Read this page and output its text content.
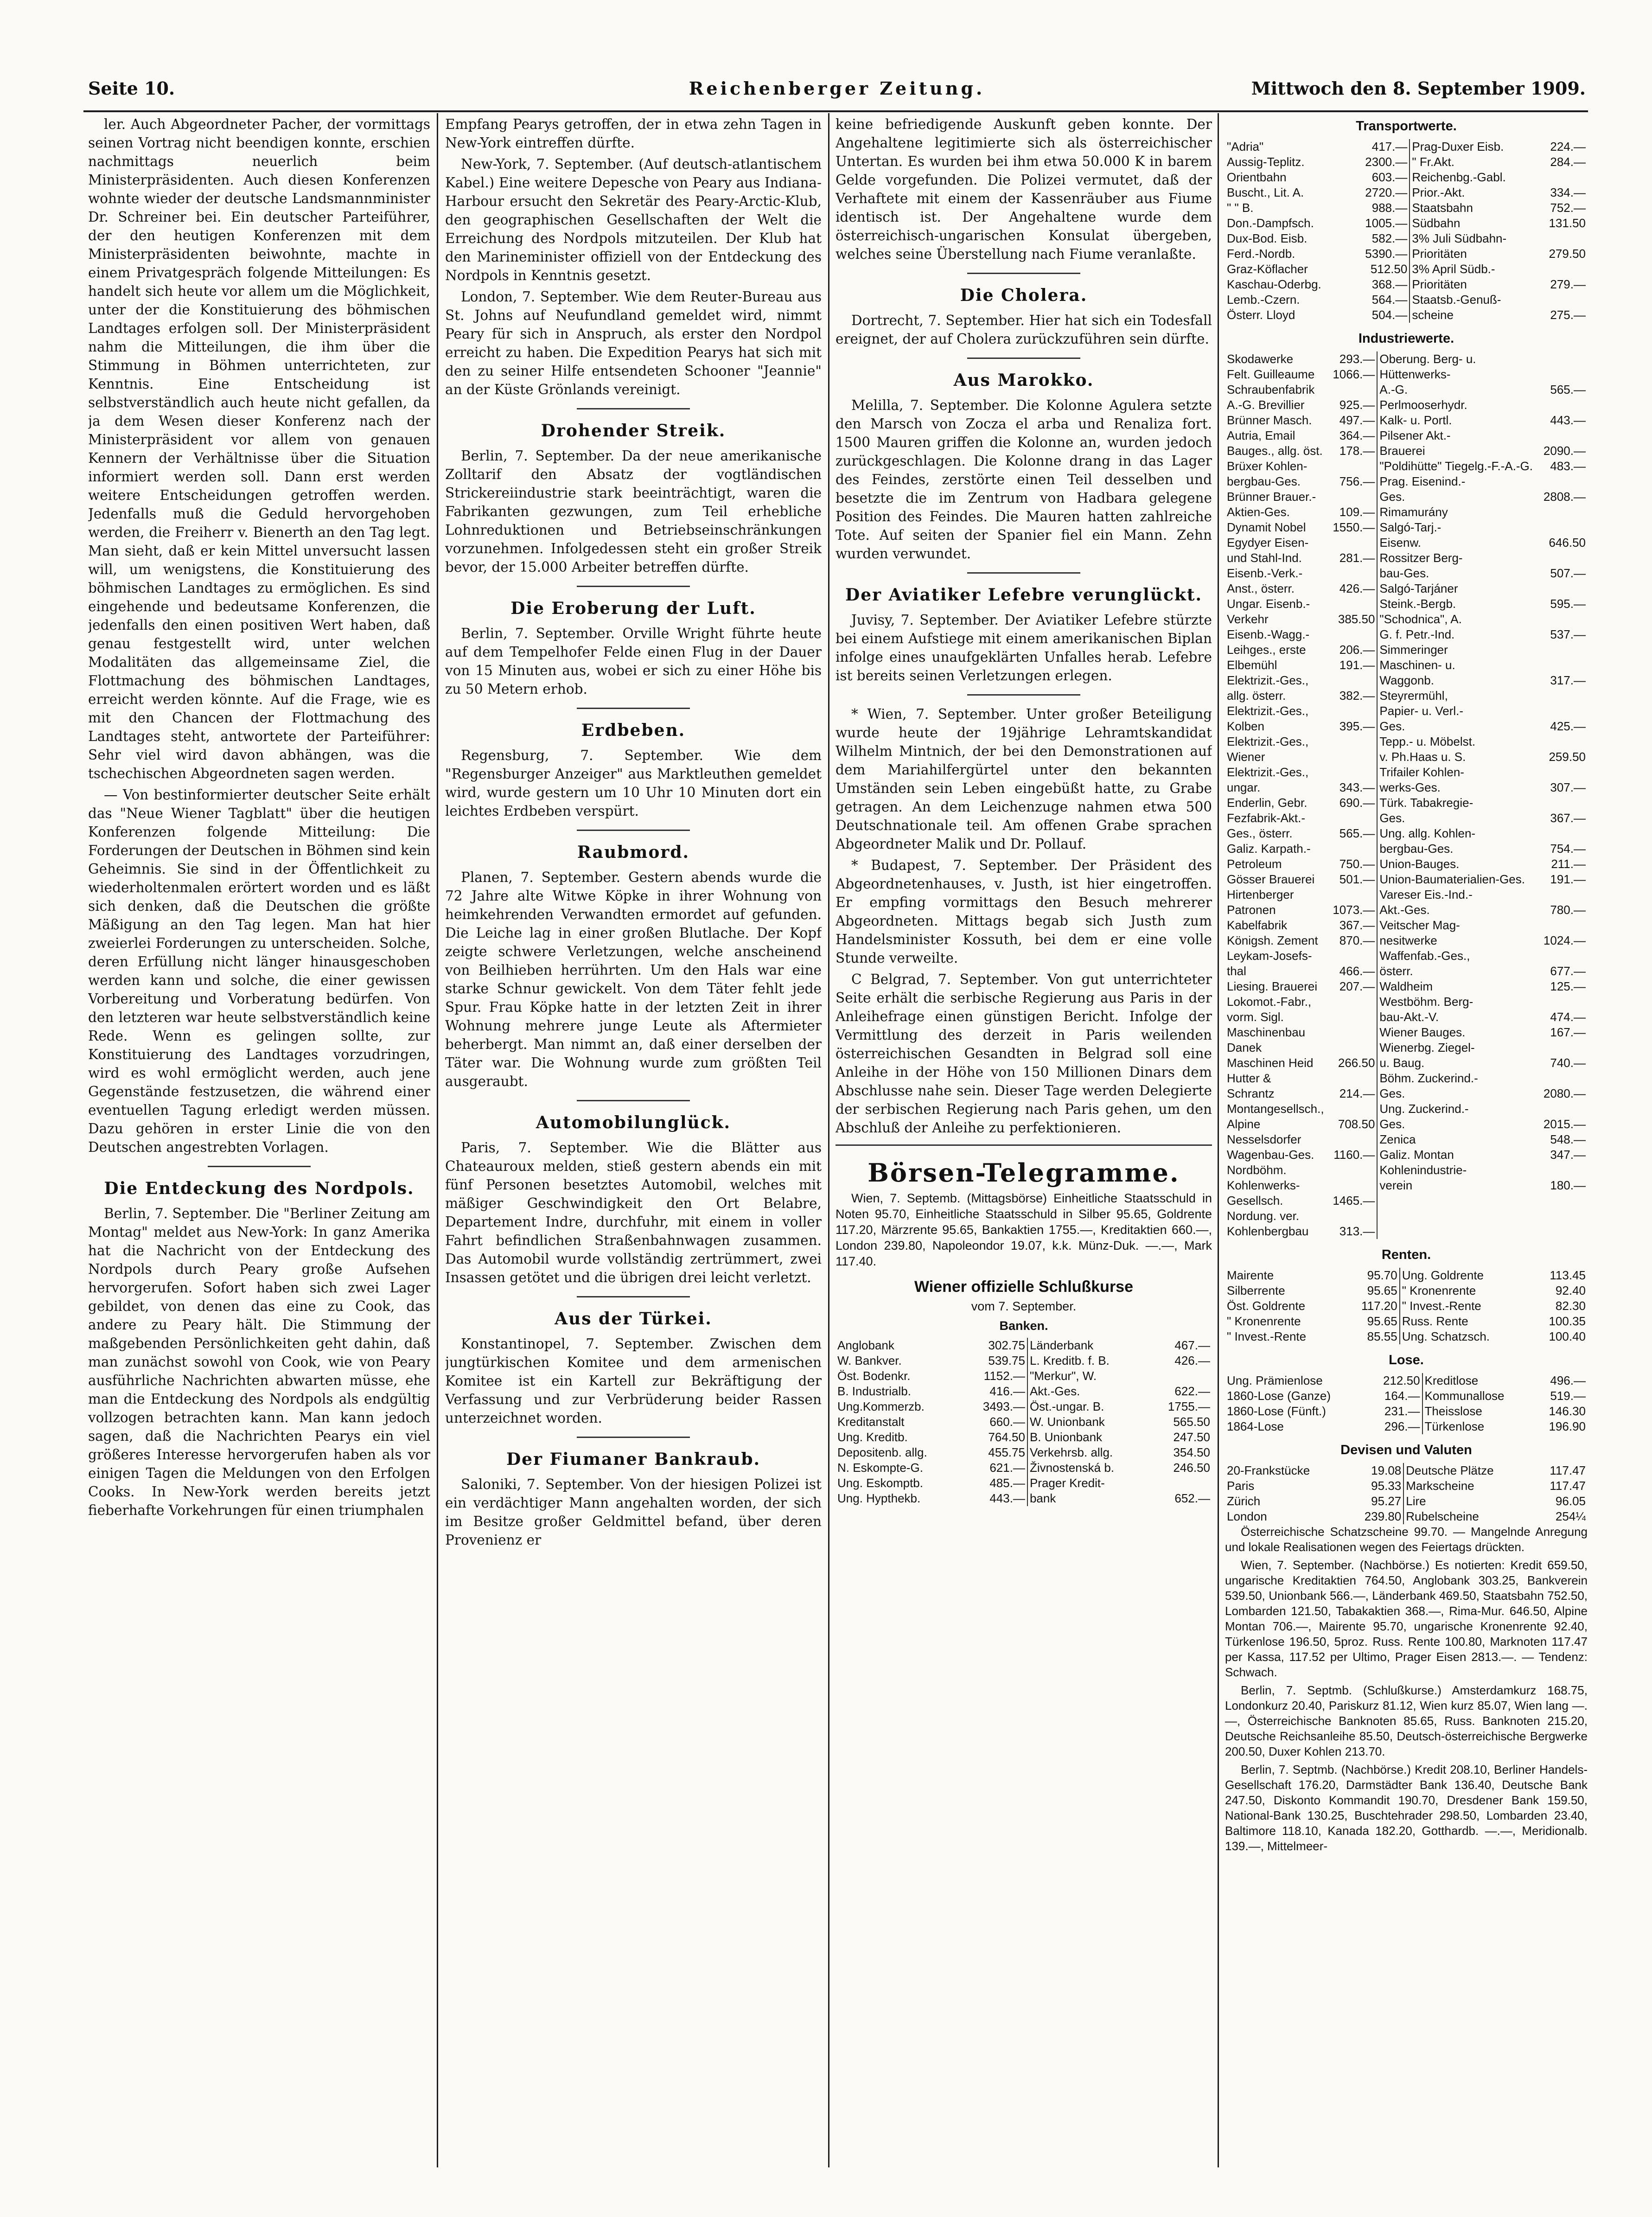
Seite 10.	Reichenberger Zeitung.	Mittwoch den 8. September 1909.

ler. Auch Abgeordneter Pacher, der vormittags seinen Vortrag nicht beendigen konnte, erschien nachmittags neuerlich beim Ministerpräsidenten. Auch diesen Konferenzen wohnte wieder der deutsche Landsmannminister Dr. Schreiner bei. Ein deutscher Parteiführer, der den heutigen Konferenzen mit dem Ministerpräsidenten beiwohnte, machte in einem Privatgespräch folgende Mitteilungen: Es handelt sich heute vor allem um die Möglichkeit, unter der die Konstituierung des böhmischen Landtages erfolgen soll. Der Ministerpräsident nahm die Mitteilungen, die ihm über die Stimmung in Böhmen unterrichteten, zur Kenntnis. Eine Entscheidung ist selbstverständlich auch heute nicht gefallen, da ja dem Wesen dieser Konferenz nach der Ministerpräsident vor allem von genauen Kennern der Verhältnisse über die Situation informiert werden soll. Dann erst werden weitere Entscheidungen getroffen werden. Jedenfalls muß die Geduld hervorgehoben werden, die Freiherr v. Bienerth an den Tag legt. Man sieht, daß er kein Mittel unversucht lassen will, um wenigstens, die Konstituierung des böhmischen Landtages zu ermöglichen. Es sind eingehende und bedeutsame Konferenzen, die jedenfalls den einen positiven Wert haben, daß genau festgestellt wird, unter welchen Modalitäten das allgemeinsame Ziel, die Flottmachung des böhmischen Landtages, erreicht werden könnte. Auf die Frage, wie es mit den Chancen der Flottmachung des Landtages steht, antwortete der Parteiführer: Sehr viel wird davon abhängen, was die tschechischen Abgeordneten sagen werden.

— Von bestinformierter deutscher Seite erhält das "Neue Wiener Tagblatt" über die heutigen Konferenzen folgende Mitteilung: Die Forderungen der Deutschen in Böhmen sind kein Geheimnis. Sie sind in der Öffentlichkeit zu wiederholtenmalen erörtert worden und es läßt sich denken, daß die Deutschen die größte Mäßigung an den Tag legen. Man hat hier zweierlei Forderungen zu unterscheiden. Solche, deren Erfüllung nicht länger hinausgeschoben werden kann und solche, die einer gewissen Vorbereitung und Vorberatung bedürfen. Von den letzteren war heute selbstverständlich keine Rede. Wenn es gelingen sollte, zur Konstituierung des Landtages vorzudringen, wird es wohl ermöglicht werden, auch jene Gegenstände festzusetzen, die während einer eventuellen Tagung erledigt werden müssen. Dazu gehören in erster Linie die von den Deutschen angestrebten Vorlagen.

Die Entdeckung des Nordpols.

Berlin, 7. September. Die "Berliner Zeitung am Montag" meldet aus New-York: In ganz Amerika hat die Nachricht von der Entdeckung des Nordpols durch Peary große Aufsehen hervorgerufen. Sofort haben sich zwei Lager gebildet, von denen das eine zu Cook, das andere zu Peary hält. Die Stimmung der maßgebenden Persönlichkeiten geht dahin, daß man zunächst sowohl von Cook, wie von Peary ausführliche Nachrichten abwarten müsse, ehe man die Entdeckung des Nordpols als endgültig vollzogen betrachten kann. Man kann jedoch sagen, daß die Nachrichten Pearys ein viel größeres Interesse hervorgerufen haben als vor einigen Tagen die Meldungen von den Erfolgen Cooks. In New-York werden bereits jetzt fieberhafte Vorkehrungen für einen triumphalen

Empfang Pearys getroffen, der in etwa zehn Tagen in New-York eintreffen dürfte.

New-York, 7. September. (Auf deutsch-atlantischem Kabel.) Eine weitere Depesche von Peary aus Indiana-Harbour ersucht den Sekretär des Peary-Arctic-Klub, den geographischen Gesellschaften der Welt die Erreichung des Nordpols mitzuteilen. Der Klub hat den Marineminister offiziell von der Entdeckung des Nordpols in Kenntnis gesetzt.

London, 7. September. Wie dem Reuter-Bureau aus St. Johns auf Neufundland gemeldet wird, nimmt Peary für sich in Anspruch, als erster den Nordpol erreicht zu haben. Die Expedition Pearys hat sich mit den zu seiner Hilfe entsendeten Schooner "Jeannie" an der Küste Grönlands vereinigt.

Drohender Streik.

Berlin, 7. September. Da der neue amerikanische Zolltarif den Absatz der vogtländischen Strickereiindustrie stark beeinträchtigt, waren die Fabrikanten gezwungen, zum Teil erhebliche Lohnreduktionen und Betriebseinschränkungen vorzunehmen. Infolgedessen steht ein großer Streik bevor, der 15.000 Arbeiter betreffen dürfte.

Die Eroberung der Luft.

Berlin, 7. September. Orville Wright führte heute auf dem Tempelhofer Felde einen Flug in der Dauer von 15 Minuten aus, wobei er sich zu einer Höhe bis zu 50 Metern erhob.

Erdbeben.

Regensburg, 7. September. Wie dem "Regensburger Anzeiger" aus Marktleuthen gemeldet wird, wurde gestern um 10 Uhr 10 Minuten dort ein leichtes Erdbeben verspürt.

Raubmord.

Planen, 7. September. Gestern abends wurde die 72 Jahre alte Witwe Köpke in ihrer Wohnung von heimkehrenden Verwandten ermordet auf gefunden. Die Leiche lag in einer großen Blutlache. Der Kopf zeigte schwere Verletzungen, welche anscheinend von Beilhieben herrührten. Um den Hals war eine starke Schnur gewickelt. Von dem Täter fehlt jede Spur. Frau Köpke hatte in der letzten Zeit in ihrer Wohnung mehrere junge Leute als Aftermieter beherbergt. Man nimmt an, daß einer derselben der Täter war. Die Wohnung wurde zum größten Teil ausgeraubt.

Automobilunglück.

Paris, 7. September. Wie die Blätter aus Chateauroux melden, stieß gestern abends ein mit fünf Personen besetztes Automobil, welches mit mäßiger Geschwindigkeit den Ort Belabre, Departement Indre, durchfuhr, mit einem in voller Fahrt befindlichen Straßenbahnwagen zusammen. Das Automobil wurde vollständig zertrümmert, zwei Insassen getötet und die übrigen drei leicht verletzt.

Aus der Türkei.

Konstantinopel, 7. September. Zwischen dem jungtürkischen Komitee und dem armenischen Komitee ist ein Kartell zur Bekräftigung der Verfassung und zur Verbrüderung beider Rassen unterzeichnet worden.

Der Fiumaner Bankraub.

Saloniki, 7. September. Von der hiesigen Polizei ist ein verdächtiger Mann angehalten worden, der sich im Besitze großer Geldmittel befand, über deren Provenienz er

keine befriedigende Auskunft geben konnte. Der Angehaltene legitimierte sich als österreichischer Untertan. Es wurden bei ihm etwa 50.000 K in barem Gelde vorgefunden. Die Polizei vermutet, daß der Verhaftete mit einem der Kassenräuber aus Fiume identisch ist. Der Angehaltene wurde dem österreichisch-ungarischen Konsulat übergeben, welches seine Überstellung nach Fiume veranlaßte.

Die Cholera.

Dortrecht, 7. September. Hier hat sich ein Todesfall ereignet, der auf Cholera zurückzuführen sein dürfte.

Aus Marokko.

Melilla, 7. September. Die Kolonne Agulera setzte den Marsch von Zocza el arba und Renaliza fort. 1500 Mauren griffen die Kolonne an, wurden jedoch zurückgeschlagen. Die Kolonne drang in das Lager des Feindes, zerstörte einen Teil desselben und besetzte die im Zentrum von Hadbara gelegene Position des Feindes. Die Mauren hatten zahlreiche Tote. Auf seiten der Spanier fiel ein Mann. Zehn wurden verwundet.

Der Aviatiker Lefebre verunglückt.

Juvisy, 7. September. Der Aviatiker Lefebre stürzte bei einem Aufstiege mit einem amerikanischen Biplan infolge eines unaufgeklärten Unfalles herab. Lefebre ist bereits seinen Verletzungen erlegen.

* Wien, 7. September. Unter großer Beteiligung wurde heute der 19jährige Lehramtskandidat Wilhelm Mintnich, der bei den Demonstrationen auf dem Mariahilfergürtel unter den bekannten Umständen sein Leben eingebüßt hatte, zu Grabe getragen. An dem Leichenzuge nahmen etwa 500 Deutschnationale teil. Am offenen Grabe sprachen Abgeordneter Malik und Dr. Pollauf.

* Budapest, 7. September. Der Präsident des Abgeordnetenhauses, v. Justh, ist hier eingetroffen. Er empfing vormittags den Besuch mehrerer Abgeordneten. Mittags begab sich Justh zum Handelsminister Kossuth, bei dem er eine volle Stunde verweilte.

C Belgrad, 7. September. Von gut unterrichteter Seite erhält die serbische Regierung aus Paris in der Anleihefrage einen günstigen Bericht. Infolge der Vermittlung des derzeit in Paris weilenden österreichischen Gesandten in Belgrad soll eine Anleihe in der Höhe von 150 Millionen Dinars dem Abschlusse nahe sein. Dieser Tage werden Delegierte der serbischen Regierung nach Paris gehen, um den Abschluß der Anleihe zu perfektionieren.

Börsen-Telegramme.

Wien, 7. Septemb. (Mittagsbörse) Einheitliche Staatsschuld in Noten 95.70, Einheitliche Staatsschuld in Silber 95.65, Goldrente 117.20, Märzrente 95.65, Bankaktien 1755.—, Kreditaktien 660.—, London 239.80, Napoleondor 19.07, k.k. Münz-Duk. —.—, Mark 117.40.

Wiener offizielle Schlußkurse
vom 7. September.
Banken.
Anglobank	302.75	Länderbank	467.—
W. Bankver.	539.75	L. Kreditb. f. B.	426.—
Öst. Bodenkr.	1152.—	"Merkur", W.	
B. Industrialb.	416.—	Akt.-Ges.	622.—
Ung.Kommerzb.	3493.—	Öst.-ungar. B.	1755.—
Kreditanstalt	660.—	W. Unionbank	565.50
Ung. Kreditb.	764.50	B. Unionbank	247.50
Depositenb. allg.	455.75	Verkehrsb. allg.	354.50
N. Eskompte-G.	621.—	Živnostenská b.	246.50
Ung. Eskomptb.	485.—	Prager Kredit-	
Ung. Hypthekb.	443.—	bank	652.—
Transportwerte.
"Adria"	417.—	Prag-Duxer Eisb.	224.—
Aussig-Teplitz.	2300.—	" Fr.Akt.	284.—
Orientbahn	603.—	Reichenbg.-Gabl.	
Buscht., Lit. A.	2720.—	Prior.-Akt.	334.—
" " B.	988.—	Staatsbahn	752.—
Don.-Dampfsch.	1005.—	Südbahn	131.50
Dux-Bod. Eisb.	582.—	3% Juli Südbahn-	
Ferd.-Nordb.	5390.—	Prioritäten	279.50
Graz-Köflacher	512.50	3% April Südb.-	
Kaschau-Oderbg.	368.—	Prioritäten	279.—
Lemb.-Czern.	564.—	Staatsb.-Genuß-	
Österr. Lloyd	504.—	scheine	275.—
Industriewerte.
Skodawerke	293.—	Oberung. Berg- u.	
Felt. Guilleaume	1066.—	Hüttenwerks-	
Schraubenfabrik		A.-G.	565.—
A.-G. Brevillier	925.—	Perlmooserhydr.	
Brünner Masch.	497.—	Kalk- u. Portl.	443.—
Autria, Email	364.—	Pilsener Akt.-	
Bauges., allg. öst.	178.—	Brauerei	2090.—
Brüxer Kohlen-		"Poldihütte" Tiegelg.-F.-A.-G.	483.—
bergbau-Ges.	756.—	Prag. Eisenind.-	
Brünner Brauer.-		Ges.	2808.—
Aktien-Ges.	109.—	Rimamurány	
Dynamit Nobel	1550.—	Salgó-Tarj.-	
Egydyer Eisen-		Eisenw.	646.50
und Stahl-Ind.	281.—	Rossitzer Berg-	
Eisenb.-Verk.-		bau-Ges.	507.—
Anst., österr.	426.—	Salgó-Tarjáner	
Ungar. Eisenb.-		Steink.-Bergb.	595.—
Verkehr	385.50	"Schodnica", A.	
Eisenb.-Wagg.-		G. f. Petr.-Ind.	537.—
Leihges., erste	206.—	Simmeringer	
Elbemühl	191.—	Maschinen- u.	
Elektrizit.-Ges.,		Waggonb.	317.—
allg. österr.	382.—	Steyrermühl,	
Elektrizit.-Ges.,		Papier- u. Verl.-	
Kolben	395.—	Ges.	425.—
Elektrizit.-Ges.,		Tepp.- u. Möbelst.	
Wiener		v. Ph.Haas u. S.	259.50
Elektrizit.-Ges.,		Trifailer Kohlen-	
ungar.	343.—	werks-Ges.	307.—
Enderlin, Gebr.	690.—	Türk. Tabakregie-	
Fezfabrik-Akt.-		Ges.	367.—
Ges., österr.	565.—	Ung. allg. Kohlen-	
Galiz. Karpath.-		bergbau-Ges.	754.—
Petroleum	750.—	Union-Bauges.	211.—
Gösser Brauerei	501.—	Union-Baumaterialien-Ges.	191.—
Hirtenberger		Vareser Eis.-Ind.-	
Patronen	1073.—	Akt.-Ges.	780.—
Kabelfabrik	367.—	Veitscher Mag-	
Königsh. Zement	870.—	nesitwerke	1024.—
Leykam-Josefs-		Waffenfab.-Ges.,	
thal	466.—	österr.	677.—
Liesing. Brauerei	207.—	Waldheim	125.—
Lokomot.-Fabr.,		Westböhm. Berg-	
vorm. Sigl.		bau-Akt.-V.	474.—
Maschinenbau		Wiener Bauges.	167.—
Danek		Wienerbg. Ziegel-	
Maschinen Heid	266.50	u. Baug.	740.—
Hutter &		Böhm. Zuckerind.-	
Schrantz	214.—	Ges.	2080.—
Montangesellsch.,		Ung. Zuckerind.-	
Alpine	708.50	Ges.	2015.—
Nesselsdorfer		Zenica	548.—
Wagenbau-Ges.	1160.—	Galiz. Montan	347.—
Nordböhm.		Kohlenindustrie-	
Kohlenwerks-		verein	180.—
Gesellsch.	1465.—		
Nordung. ver.			
Kohlenbergbau	313.—		
Renten.
Mairente	95.70	Ung. Goldrente	113.45
Silberrente	95.65	" Kronenrente	92.40
Öst. Goldrente	117.20	" Invest.-Rente	82.30
" Kronenrente	95.65	Russ. Rente	100.35
" Invest.-Rente	85.55	Ung. Schatzsch.	100.40
Lose.
Ung. Prämienlose	212.50	Kreditlose	496.—
1860-Lose (Ganze)	164.—	Kommunallose	519.—
1860-Lose (Fünft.)	231.—	Theisslose	146.30
1864-Lose	296.—	Türkenlose	196.90
Devisen und Valuten
20-Frankstücke	19.08	Deutsche Plätze	117.47
Paris	95.33	Markscheine	117.47
Zürich	95.27	Lire	96.05
London	239.80	Rubelscheine	254¼

Österreichische Schatzscheine 99.70. — Mangelnde Anregung und lokale Realisationen wegen des Feiertags drückten.

Wien, 7. September. (Nachbörse.) Es notierten: Kredit 659.50, ungarische Kreditaktien 764.50, Anglobank 303.25, Bankverein 539.50, Unionbank 566.—, Länderbank 469.50, Staatsbahn 752.50, Lombarden 121.50, Tabakaktien 368.—, Rima-Mur. 646.50, Alpine Montan 706.—, Mairente 95.70, ungarische Kronenrente 92.40, Türkenlose 196.50, 5proz. Russ. Rente 100.80, Marknoten 117.47 per Kassa, 117.52 per Ultimo, Prager Eisen 2813.—. — Tendenz: Schwach.

Berlin, 7. Septmb. (Schlußkurse.) Amsterdamkurz 168.75, Londonkurz 20.40, Pariskurz 81.12, Wien kurz 85.07, Wien lang —.—, Österreichische Banknoten 85.65, Russ. Banknoten 215.20, Deutsche Reichsanleihe 85.50, Deutsch-österreichische Bergwerke 200.50, Duxer Kohlen 213.70.

Berlin, 7. Septmb. (Nachbörse.) Kredit 208.10, Berliner Handels-Gesellschaft 176.20, Darmstädter Bank 136.40, Deutsche Bank 247.50, Diskonto Kommandit 190.70, Dresdener Bank 159.50, National-Bank 130.25, Buschtehrader 298.50, Lombarden 23.40, Baltimore 118.10, Kanada 182.20, Gotthardb. —.—, Meridionalb. 139.—, Mittelmeer-
